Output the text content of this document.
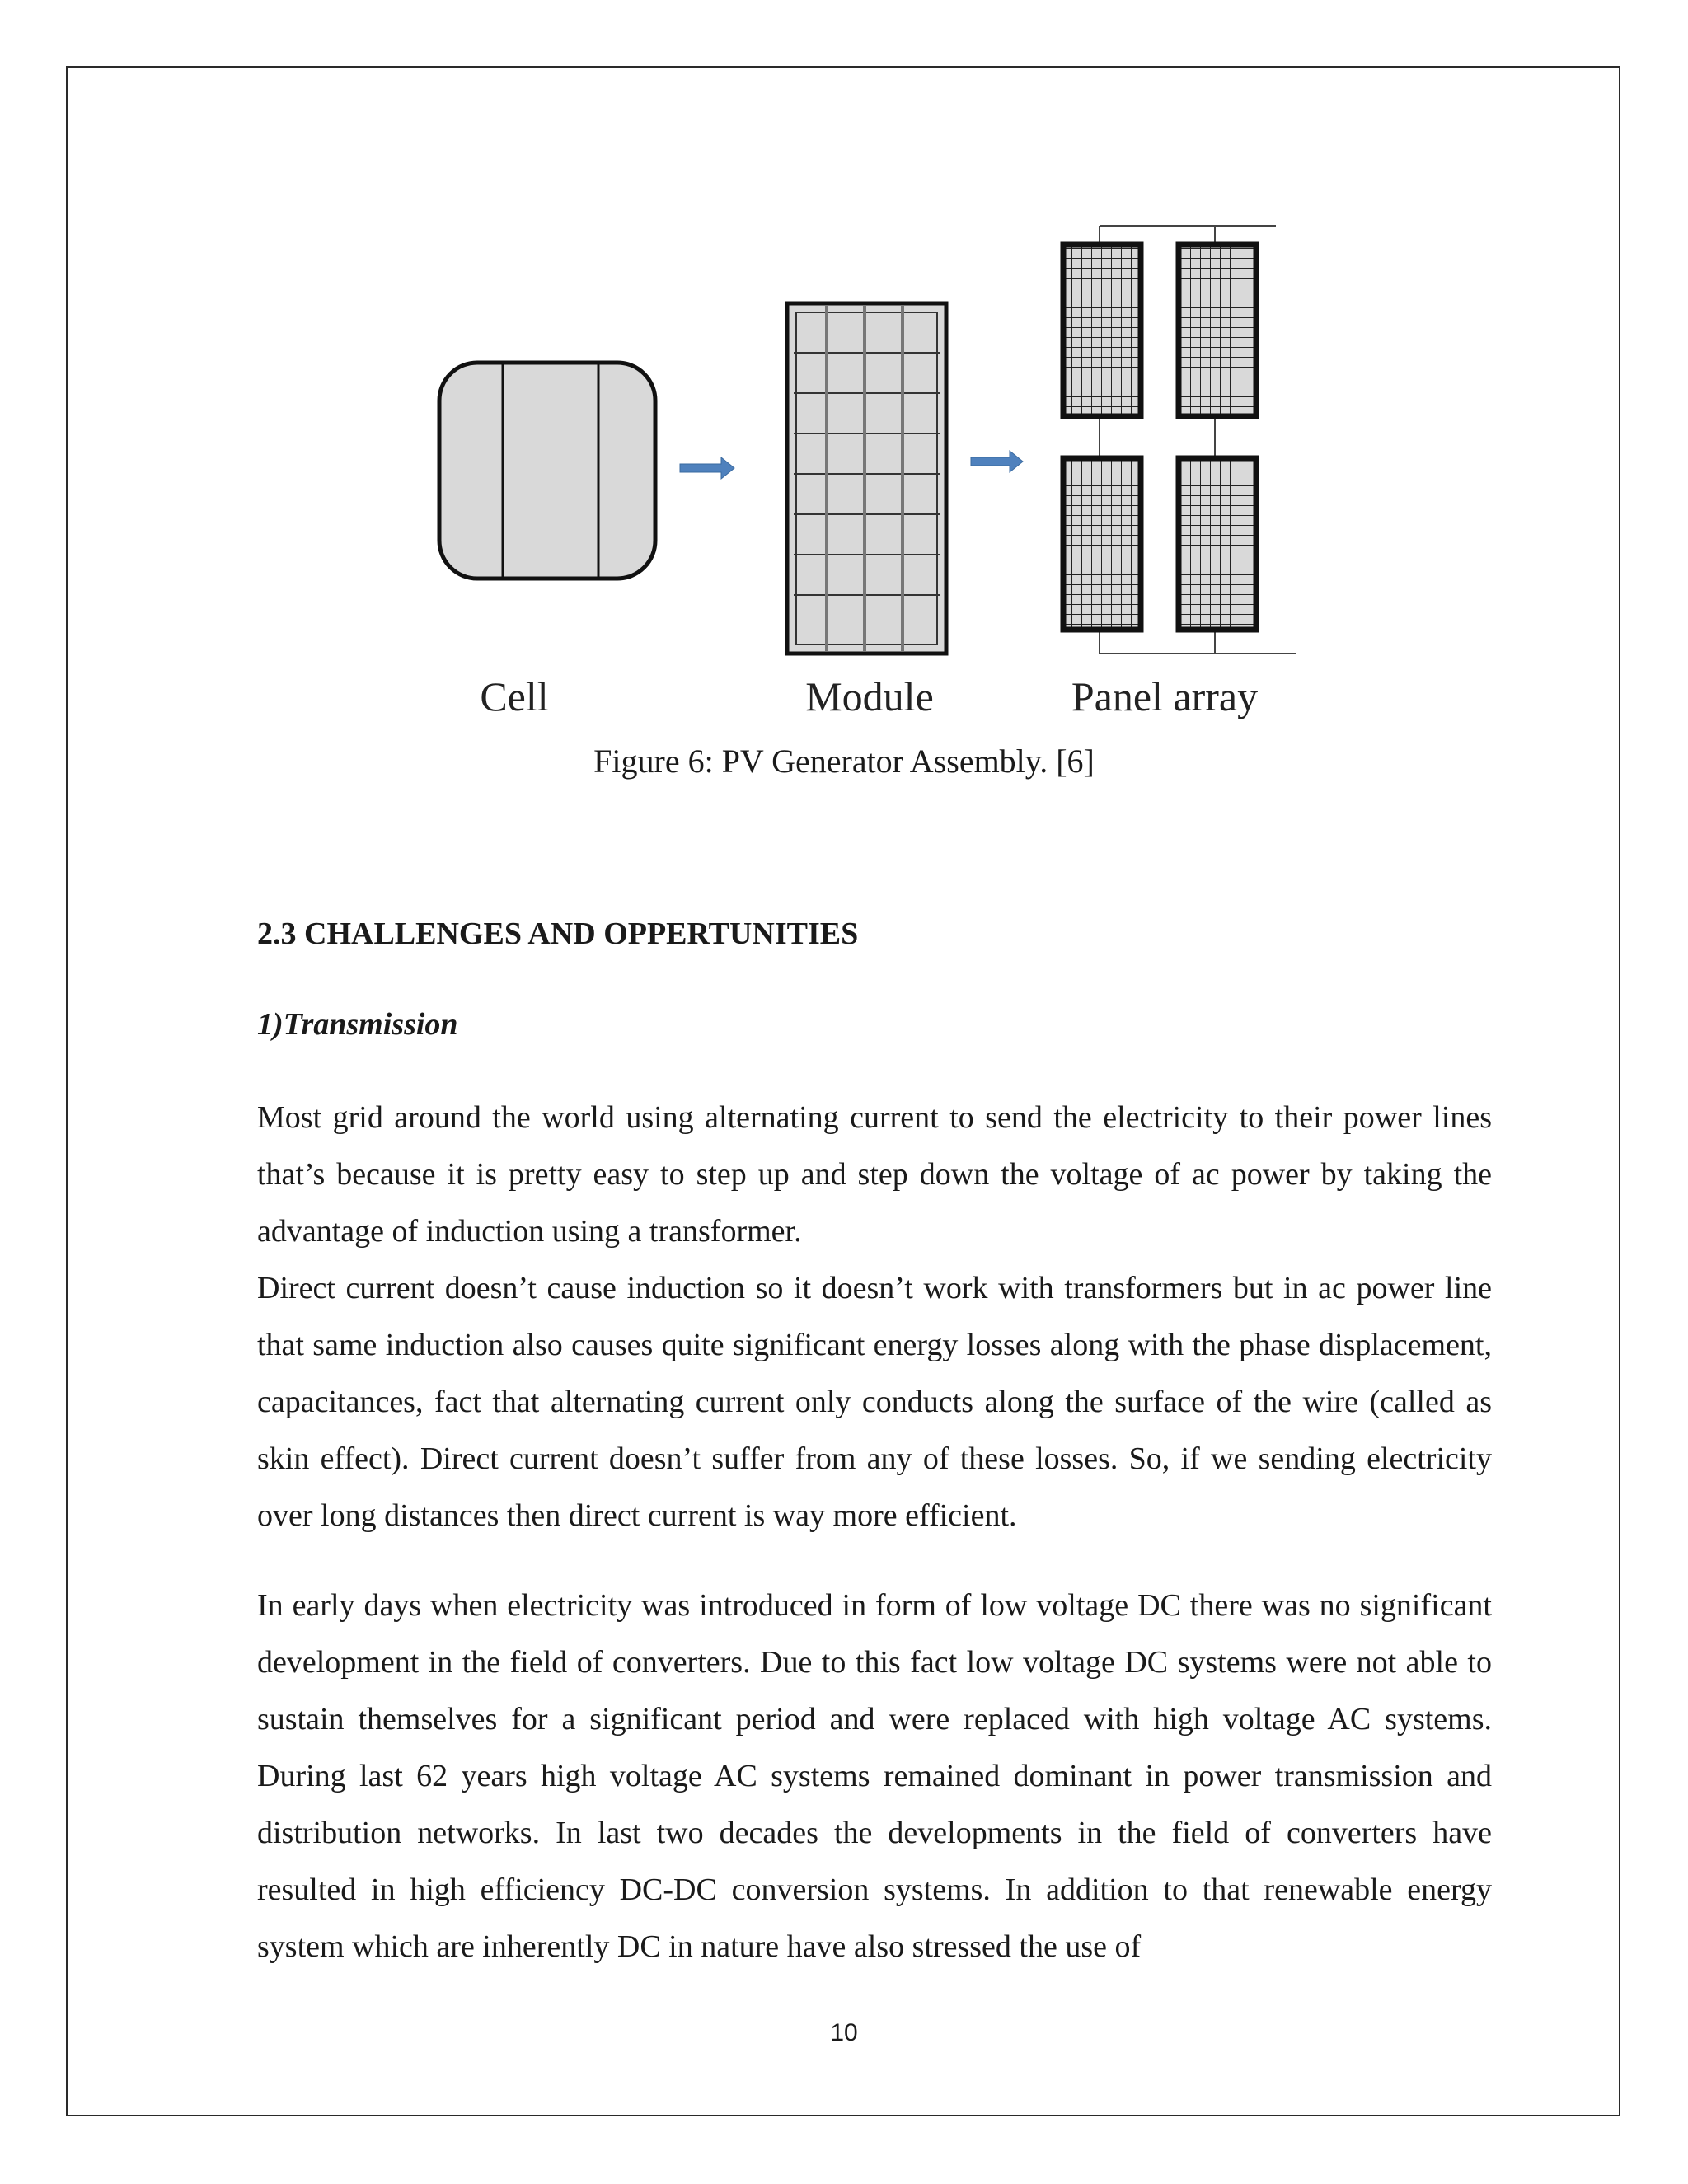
Cell	Module	Panel array
Figure 6: PV Generator Assembly. [6]
2.3 CHALLENGES AND OPPERTUNITIES
1)Transmission

Most grid around the world using alternating current to send the electricity to their power lines that’s because it is pretty easy to step up and step down the voltage of ac power by taking the advantage of induction using a transformer.

Direct current doesn’t cause induction so it doesn’t work with transformers but in ac power line that same induction also causes quite significant energy losses along with the phase displacement, capacitances, fact that alternating current only conducts along the surface of the wire (called as skin effect). Direct current doesn’t suffer from any of these losses. So, if we sending electricity over long distances then direct current is way more efficient.

In early days when electricity was introduced in form of low voltage DC there was no significant development in the field of converters. Due to this fact low voltage DC systems were not able to sustain themselves for a significant period and were replaced with high voltage AC systems. During last 62 years high voltage AC systems remained dominant in power transmission and distribution networks. In last two decades the developments in the field of converters have resulted in high efficiency DC-DC conversion systems. In addition to that renewable energy system which are inherently DC in nature have also stressed the use of

10
